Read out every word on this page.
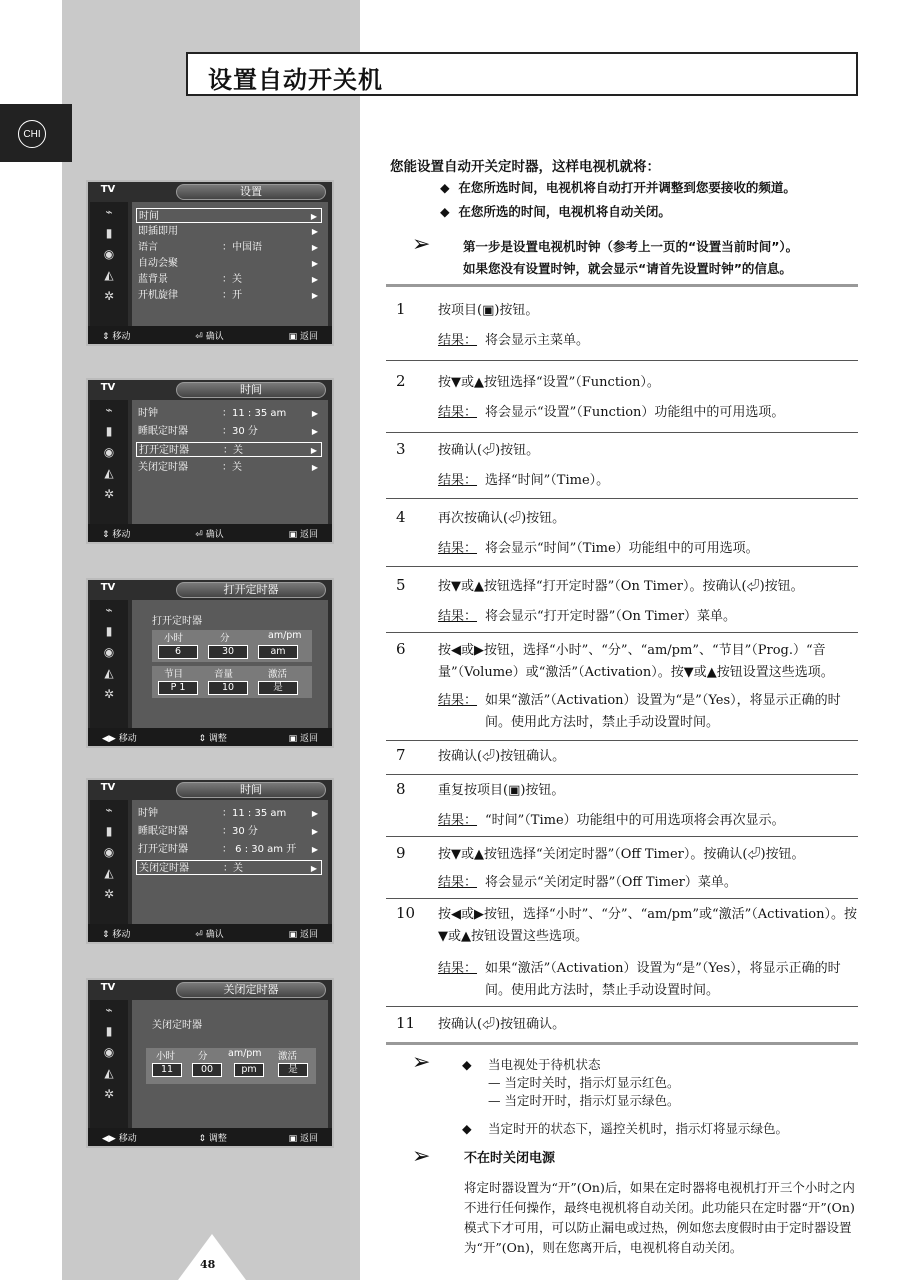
CHI
设置自动开关机
TV	设置
⌁
▮
◉
◭
✲
时间	▶
即插即用	▶
语言	：中国语	▶
自动会聚	▶
蓝背景	：关	▶
开机旋律	：开	▶
⇕ 移动	⏎ 确认	▣ 返回
TV	时间
⌁
▮
◉
◭
✲
时钟	：11 : 35 am	▶
睡眠定时器	：30 分	▶
打开定时器	：关	▶
关闭定时器	：关	▶
⇕ 移动	⏎ 确认	▣ 返回
TV	打开定时器
⌁
▮
◉
◭
✲
打开定时器
小时	分	am/pm
6	30	am
节目	音量	激活
P 1	10	是
◀▶ 移动	⇕ 调整	▣ 返回
TV	时间
⌁
▮
◉
◭
✲
时钟	：11 : 35 am	▶
睡眠定时器	：30 分	▶
打开定时器	： 6 : 30 am 开 ▶
关闭定时器	：关	▶
⇕ 移动	⏎ 确认	▣ 返回
TV	关闭定时器
⌁
▮
◉
◭
✲
关闭定时器
小时 分 am/pm 激活
11	00	pm	是
◀▶ 移动	⇕ 调整	▣ 返回
您能设置自动开关定时器，这样电视机就将：
◆ 在您所选时间，电视机将自动打开并调整到您要接收的频道。
◆ 在您所选的时间，电视机将自动关闭。
➢	第一步是设置电视机时钟（参考上一页的“设置当前时间”）。
如果您没有设置时钟，就会显示“请首先设置时钟”的信息。
1 按项目(▣)按钮。
结果： 将会显示主菜单。
2 按▼或▲按钮选择“设置”（Function）。
结果： 将会显示“设置”（Function）功能组中的可用选项。
3 按确认(⏎)按钮。
结果： 选择“时间”（Time）。
4 再次按确认(⏎)按钮。
结果： 将会显示“时间”（Time）功能组中的可用选项。
5 按▼或▲按钮选择“打开定时器”（On Timer）。按确认(⏎)按钮。
结果： 将会显示“打开定时器”（On Timer）菜单。
6 按◀或▶按钮，选择“小时”、“分”、“am/pm”、“节目”（Prog.）“音量”（Volume）或“激活”（Activation）。按▼或▲按钮设置这些选项。
结果： 如果“激活”（Activation）设置为“是”（Yes），将显示正确的时间。使用此方法时，禁止手动设置时间。
7 按确认(⏎)按钮确认。
8 重复按项目(▣)按钮。
结果： “时间”（Time）功能组中的可用选项将会再次显示。
9 按▼或▲按钮选择“关闭定时器”（Off Timer）。按确认(⏎)按钮。
结果： 将会显示“关闭定时器”（Off Timer）菜单。
10 按◀或▶按钮，选择“小时”、“分”、“am/pm”或“激活”（Activation）。按▼或▲按钮设置这些选项。
结果： 如果“激活”（Activation）设置为“是”（Yes），将显示正确的时间。使用此方法时，禁止手动设置时间。
11 按确认(⏎)按钮确认。
➢	◆ 当电视处于待机状态
— 当定时关时，指示灯显示红色。
— 当定时开时，指示灯显示绿色。
◆ 当定时开的状态下，遥控关机时，指示灯将显示绿色。
➢	不在时关闭电源
将定时器设置为“开”(On)后，如果在定时器将电视机打开三个小时之内不进行任何操作，最终电视机将自动关闭。此功能只在定时器“开”(On)模式下才可用，可以防止漏电或过热，例如您去度假时由于定时器设置为“开”(On)，则在您离开后，电视机将自动关闭。
48
